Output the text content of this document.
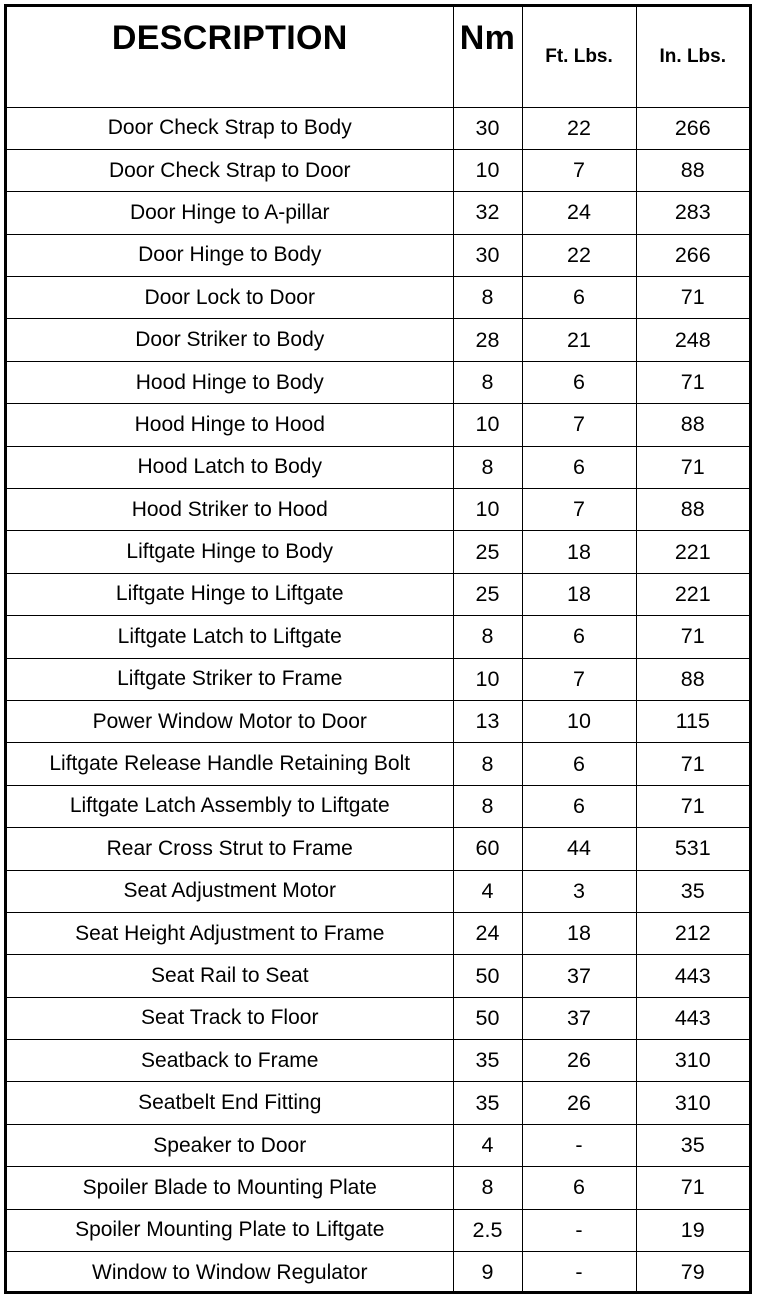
DESCRIPTION	Nm	Ft. Lbs.	In. Lbs.
Door Check Strap to Body	30	22	266
Door Check Strap to Door	10	7	88
Door Hinge to A-pillar	32	24	283
Door Hinge to Body	30	22	266
Door Lock to Door	8	6	71
Door Striker to Body	28	21	248
Hood Hinge to Body	8	6	71
Hood Hinge to Hood	10	7	88
Hood Latch to Body	8	6	71
Hood Striker to Hood	10	7	88
Liftgate Hinge to Body	25	18	221
Liftgate Hinge to Liftgate	25	18	221
Liftgate Latch to Liftgate	8	6	71
Liftgate Striker to Frame	10	7	88
Power Window Motor to Door	13	10	115
Liftgate Release Handle Retaining Bolt	8	6	71
Liftgate Latch Assembly to Liftgate	8	6	71
Rear Cross Strut to Frame	60	44	531
Seat Adjustment Motor	4	3	35
Seat Height Adjustment to Frame	24	18	212
Seat Rail to Seat	50	37	443
Seat Track to Floor	50	37	443
Seatback to Frame	35	26	310
Seatbelt End Fitting	35	26	310
Speaker to Door	4	-	35
Spoiler Blade to Mounting Plate	8	6	71
Spoiler Mounting Plate to Liftgate	2.5	-	19
Window to Window Regulator	9	-	79
